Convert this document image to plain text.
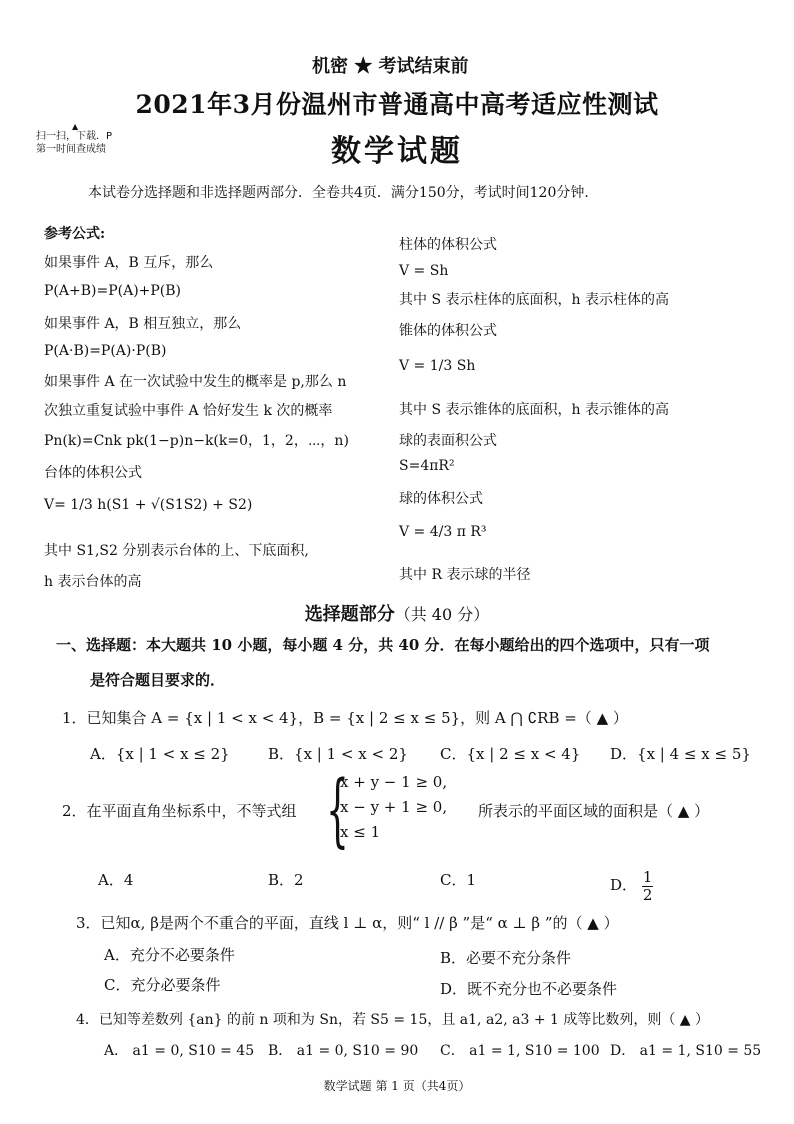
机密 ★ 考试结束前
▲
扫一扫，下载．P
第一时间查成绩
2021年3月份温州市普通高中高考适应性测试
数学试题
本试卷分选择题和非选择题两部分．全卷共4页．满分150分，考试时间120分钟．
参考公式:
如果事件 A，B 互斥，那么
P(A+B)=P(A)+P(B)
如果事件 A，B 相互独立，那么
P(A·B)=P(A)·P(B)
如果事件 A 在一次试验中发生的概率是 p,那么 n
次独立重复试验中事件 A 恰好发生 k 次的概率
Pn(k)=Cnk pk(1−p)n−k(k=0，1，2，⋯，n)
台体的体积公式
V= 1/3 h(S1 + √(S1S2) + S2)
其中 S1,S2 分别表示台体的上、下底面积,
h 表示台体的高
柱体的体积公式
V = Sh
其中 S 表示柱体的底面积，h 表示柱体的高
锥体的体积公式
V = 1/3 Sh
其中 S 表示锥体的底面积，h 表示锥体的高
球的表面积公式
S=4πR²
球的体积公式
V = 4/3 π R³
其中 R 表示球的半径
选择题部分（共 40 分）
一、选择题：本大题共 10 小题，每小题 4 分，共 40 分．在每小题给出的四个选项中，只有一项
是符合题目要求的．
1．已知集合 A = {x | 1 < x < 4}，B = {x | 2 ≤ x ≤ 5}，则 A ⋂ ∁RB =（ ▲ ）
A．{x | 1 < x ≤ 2}	B．{x | 1 < x < 2} C．{x | 2 ≤ x < 4} D．{x | 4 ≤ x ≤ 5}
2．在平面直角坐标系中，不等式组 {
x + y − 1 ≥ 0,
x − y + 1 ≥ 0,
x ≤ 1
所表示的平面区域的面积是（ ▲ ）
A．4	B．2	C．1	D． $\frac{1}{2}$
3．已知α, β是两个不重合的平面，直线 l ⊥ α，则“ l // β ”是“ α ⊥ β ”的（ ▲ ）
A．充分不必要条件	B．必要不充分条件
C．充分必要条件	D．既不充分也不必要条件
4．已知等差数列 {an} 的前 n 项和为 Sn，若 S5 = 15，且 a1, a2, a3 + 1 成等比数列，则（ ▲ ）
A． a1 = 0, S10 = 45 B． a1 = 0, S10 = 90 C． a1 = 1, S10 = 100 D． a1 = 1, S10 = 55
数学试题 第 1 页（共4页）
